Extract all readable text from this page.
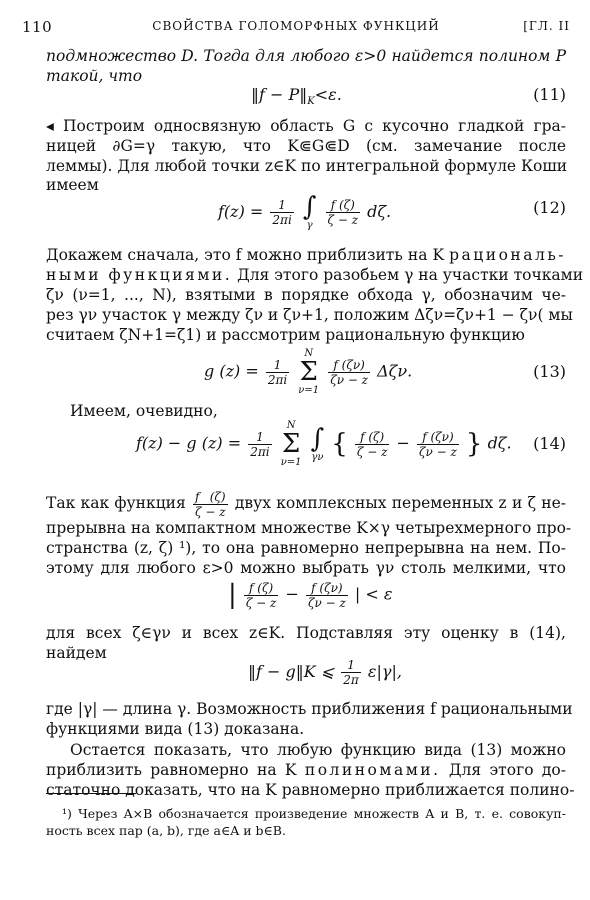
110	СВОЙСТВА ГОЛОМОРФНЫХ ФУНКЦИЙ	[ГЛ. II
подмножество D. Тогда для любого ε>0 найдется полином P
такой, что
‖f − $P‖_K<\varepsilon$.	(11)
◂ Построим односвязную область G с кусочно гладкой гра-
ницей ∂G=γ такую, что K⋐G⋐D (см. замечание после
леммы). Для любой точки z∈K по интегральной формуле Коши
имеем
$f(z) = \frac{1}{2\pi i}$
∫
γ
	$\frac{f (\zeta)}{\zeta - z} d\zeta$.	(12)
Докажем сначала, это f можно приблизить на K рациональ-
ными функциями. Для этого разобьем γ на участки точками
ζν (ν=1, ..., N), взятыми в порядке обхода γ, обозначим че-
рез γν участок γ между ζν и ζν+1, положим Δζν=ζν+1 − ζν( мы
считаем ζN+1=ζ1) и рассмотрим рациональную функцию
g $(z) = \frac{1}{2\pi i}$

N
Σ
ν=1

$\frac{f (\zeta\nu)}{\zeta\nu - z} \Delta\zeta\nu$.	(13)
Имеем, очевидно,
f(z) − g $(z) = \frac{1}{2\pi i}$

N
Σ
ν=1

∫
γν { $\frac{f (\zeta)}{\zeta - z} - \frac{f (\zeta\nu)}{\zeta\nu - z}$ } dζ. (14)
Так как функция $\frac{f (\zeta)}{\zeta - z}$ двух комплексных переменных z и ζ не-
прерывна на компактном множестве K×γ четырехмерного про-
странства (z, ζ) ¹), то она равномерно непрерывна на нем. По-
этому для любого ε>0 можно выбрать γν столь мелкими, что
| $\frac{f (\zeta)}{\zeta - z} - \frac{f (\zeta\nu)}{\zeta\nu - z}$ | < ε
для всех ζ∈γν и всех z∈K. Подставляя эту оценку в (14),
найдем
‖f − g‖K ⩽ $\frac{1}{2\pi} \varepsilon|\gamma|$,
где |γ| — длина γ. Возможность приближения f рациональными
функциями вида (13) доказана.
Остается показать, что любую функцию вида (13) можно
приблизить равномерно на K полиномами. Для этого до-
статочно доказать, что на K равномерно приближается полино-
¹) Через A×B обозначается произведение множеств A и B, т. е. совокуп-
ность всех пар (a, b), где a∈A и b∈B.
